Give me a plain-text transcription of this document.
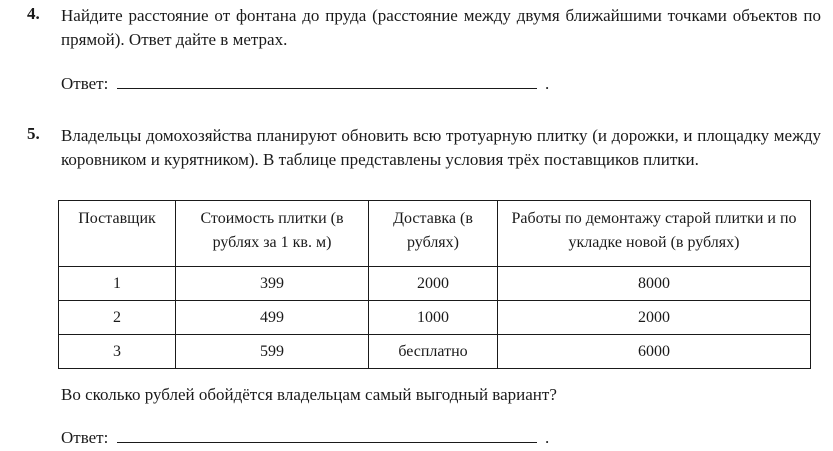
4. Найдите расстояние от фонтана до пруда (расстояние между двумя ближайшими точками объектов по прямой). Ответ дайте в метрах.
Ответ:	.
5. Владельцы домохозяйства планируют обновить всю тротуарную плитку (и дорожки, и площадку между коровником и курятником). В таблице представлены условия трёх поставщиков плитки.
Поставщик	Стоимость плитки (в рублях за 1 кв. м)	Доставка (в рублях)	Работы по демонтажу старой плитки и по укладке новой (в рублях)
1	399	2000	8000
2	499	1000	2000
3	599	бесплатно	6000
Во сколько рублей обойдётся владельцам самый выгодный вариант?
Ответ:	.
